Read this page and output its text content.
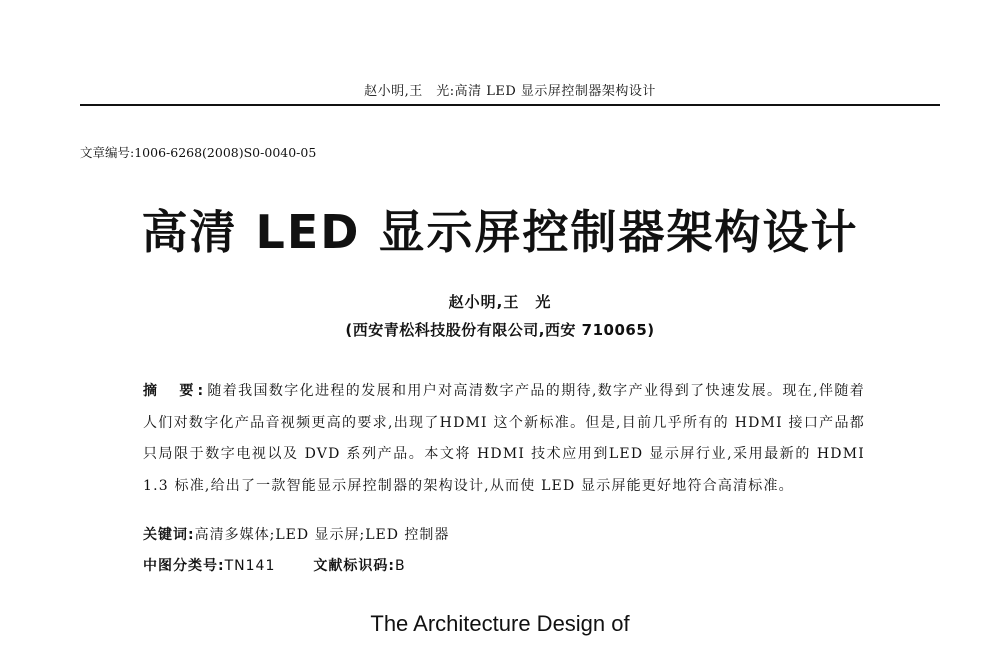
赵小明,王　光:高清 LED 显示屏控制器架构设计
文章编号:1006-6268(2008)S0-0040-05
高清 LED 显示屏控制器架构设计
赵小明,王　光
(西安青松科技股份有限公司,西安 710065)
摘　要:随着我国数字化进程的发展和用户对高清数字产品的期待,数字产业得到了快速发展。现在,伴随着人们对数字化产品音视频更高的要求,出现了HDMI 这个新标准。但是,目前几乎所有的 HDMI 接口产品都只局限于数字电视以及 DVD 系列产品。本文将 HDMI 技术应用到LED 显示屏行业,采用最新的 HDMI 1.3 标准,给出了一款智能显示屏控制器的架构设计,从而使 LED 显示屏能更好地符合高清标准。
关键词:高清多媒体;LED 显示屏;LED 控制器
中图分类号:TN141	文献标识码:B
The Architecture Design of
